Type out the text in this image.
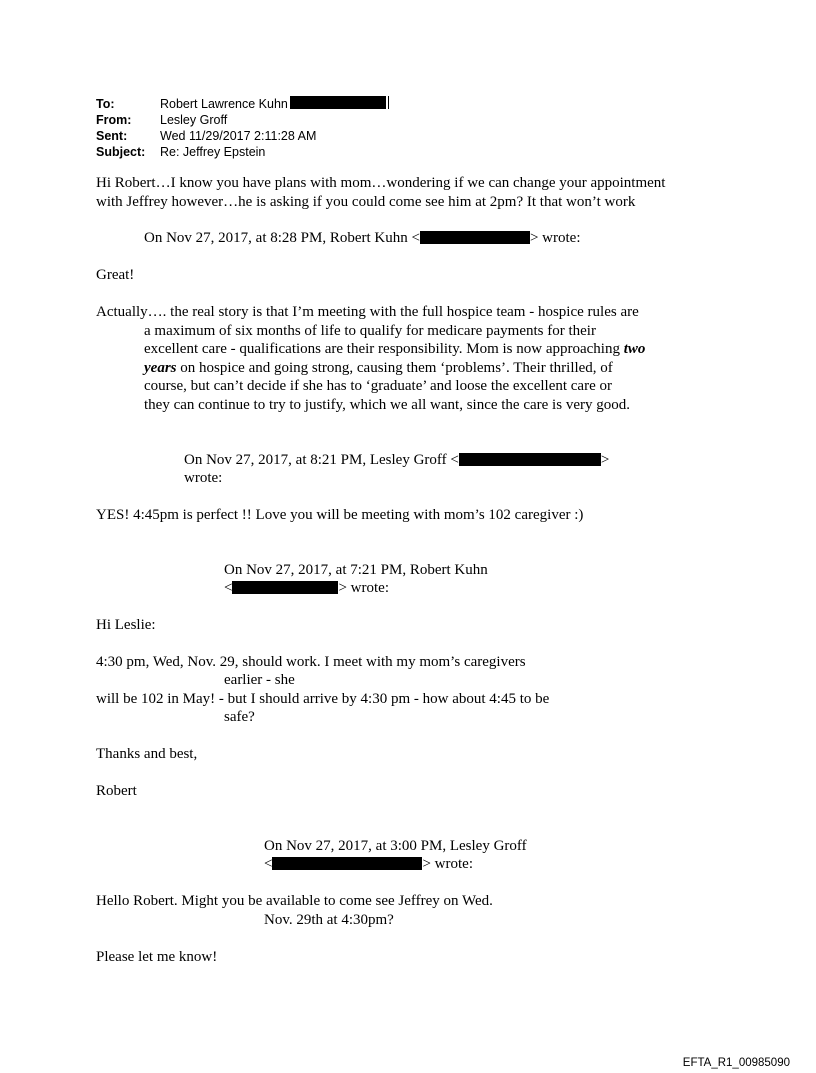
To:	Robert Lawrence Kuhn
From:	Lesley Groff
Sent:	Wed 11/29/2017 2:11:28 AM
Subject:	Re: Jeffrey Epstein
Hi Robert…I know you have plans with mom…wondering if we can change your appointment
with Jeffrey however…he is asking if you could come see him at 2pm? It that won’t work
On Nov 27, 2017, at 8:28 PM, Robert Kuhn <	> wrote:
Great!
Actually…. the real story is that I’m meeting with the full hospice team - hospice rules are
a maximum of six months of life to qualify for medicare payments for their
excellent care - qualifications are their responsibility. Mom is now approaching two
years on hospice and going strong, causing them ‘problems’. Their thrilled, of
course, but can’t decide if she has to ‘graduate’ and loose the excellent care or
they can continue to try to justify, which we all want, since the care is very good.
On Nov 27, 2017, at 8:21 PM, Lesley Groff <	>
wrote:
YES! 4:45pm is perfect !! Love you will be meeting with mom’s 102 caregiver :)
On Nov 27, 2017, at 7:21 PM, Robert Kuhn
<	> wrote:
Hi Leslie:
4:30 pm, Wed, Nov. 29, should work. I meet with my mom’s caregivers
earlier - she
will be 102 in May! - but I should arrive by 4:30 pm - how about 4:45 to be
safe?
Thanks and best,
Robert
On Nov 27, 2017, at 3:00 PM, Lesley Groff
<	> wrote:
Hello Robert. Might you be available to come see Jeffrey on Wed.
Nov. 29th at 4:30pm?
Please let me know!
EFTA_R1_00985090
